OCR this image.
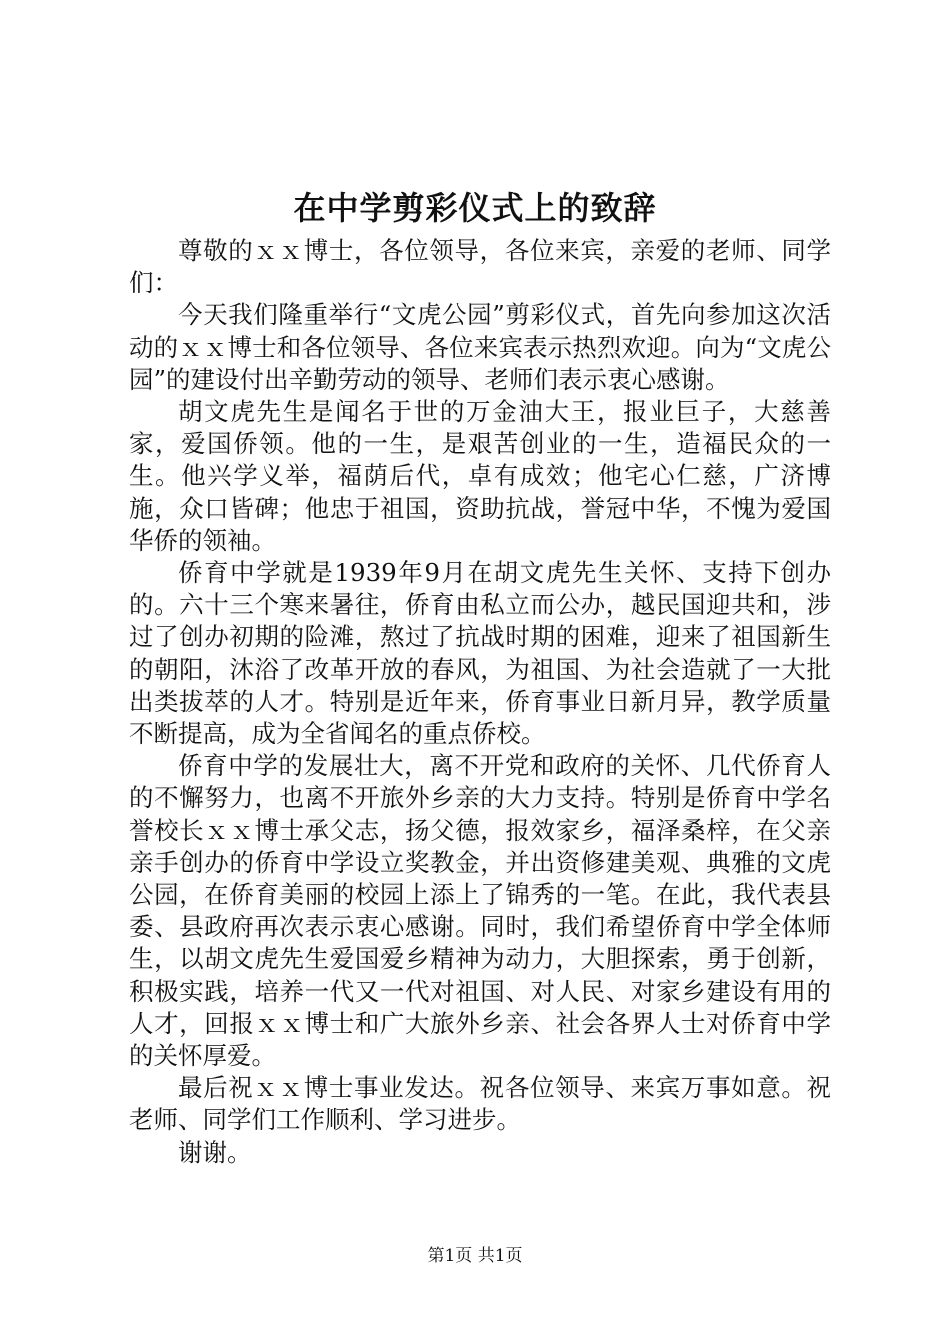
在中学剪彩仪式上的致辞

尊敬的ｘｘ博士，各位领导，各位来宾，亲爱的老师、同学们：

今天我们隆重举行“文虎公园”剪彩仪式，首先向参加这次活动的ｘｘ博士和各位领导、各位来宾表示热烈欢迎。向为“文虎公园”的建设付出辛勤劳动的领导、老师们表示衷心感谢。

胡文虎先生是闻名于世的万金油大王，报业巨子，大慈善家，爱国侨领。他的一生，是艰苦创业的一生，造福民众的一生。他兴学义举，福荫后代，卓有成效；他宅心仁慈，广济博施，众口皆碑；他忠于祖国，资助抗战，誉冠中华，不愧为爱国华侨的领袖。

侨育中学就是1939年9月在胡文虎先生关怀、支持下创办的。六十三个寒来暑往，侨育由私立而公办，越民国迎共和，涉过了创办初期的险滩，熬过了抗战时期的困难，迎来了祖国新生的朝阳，沐浴了改革开放的春风，为祖国、为社会造就了一大批出类拔萃的人才。特别是近年来，侨育事业日新月异，教学质量不断提高，成为全省闻名的重点侨校。

侨育中学的发展壮大，离不开党和政府的关怀、几代侨育人的不懈努力，也离不开旅外乡亲的大力支持。特别是侨育中学名誉校长ｘｘ博士承父志，扬父德，报效家乡，福泽桑梓，在父亲亲手创办的侨育中学设立奖教金，并出资修建美观、典雅的文虎公园，在侨育美丽的校园上添上了锦秀的一笔。在此，我代表县委、县政府再次表示衷心感谢。同时，我们希望侨育中学全体师生，以胡文虎先生爱国爱乡精神为动力，大胆探索，勇于创新，积极实践，培养一代又一代对祖国、对人民、对家乡建设有用的人才，回报ｘｘ博士和广大旅外乡亲、社会各界人士对侨育中学的关怀厚爱。

最后祝ｘｘ博士事业发达。祝各位领导、来宾万事如意。祝老师、同学们工作顺利、学习进步。

谢谢。

第1页 共1页
